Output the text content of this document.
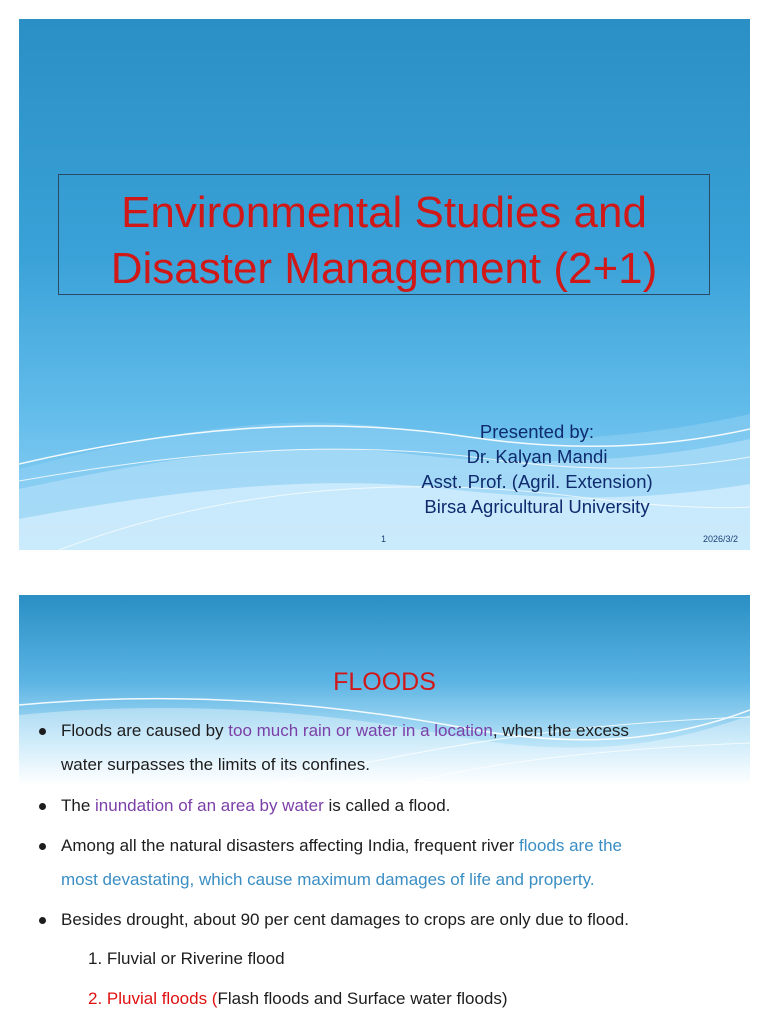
Environmental Studies and
Disaster Management (2+1)
Presented by:
Dr. Kalyan Mandi
Asst. Prof. (Agril. Extension)
Birsa Agricultural University
1	2026/3/2
FLOODS
Floods are caused by too much rain or water in a location, when the excess
water surpasses the limits of its confines.
The inundation of an area by water is called a flood.
Among all the natural disasters affecting India, frequent river floods are the
most devastating, which cause maximum damages of life and property.
Besides drought, about 90 per cent damages to crops are only due to flood.
1. Fluvial or Riverine flood
2. Pluvial floods (Flash floods and Surface water floods)
